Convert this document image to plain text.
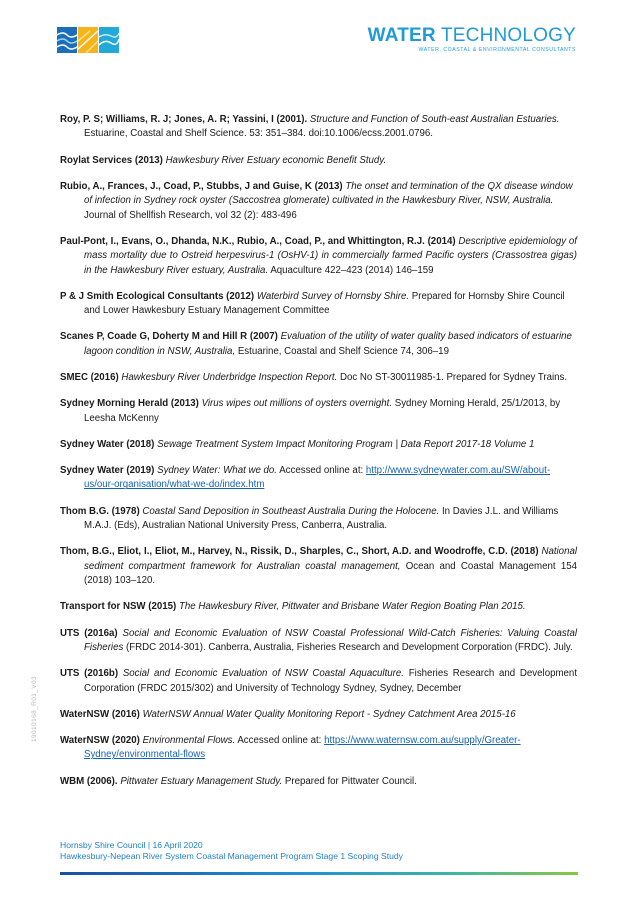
WATER TECHNOLOGY
WATER, COASTAL & ENVIRONMENTAL CONSULTANTS

Roy, P. S; Williams, R. J; Jones, A. R; Yassini, I (2001). Structure and Function of South-east Australian Estuaries. Estuarine, Coastal and Shelf Science. 53: 351–384. doi:10.1006/ecss.2001.0796.

Roylat Services (2013) Hawkesbury River Estuary economic Benefit Study.

Rubio, A., Frances, J., Coad, P., Stubbs, J and Guise, K (2013) The onset and termination of the QX disease window of infection in Sydney rock oyster (Saccostrea glomerate) cultivated in the Hawkesbury River, NSW, Australia. Journal of Shellfish Research, vol 32 (2): 483-496

Paul-Pont, I., Evans, O., Dhanda, N.K., Rubio, A., Coad, P., and Whittington, R.J. (2014) Descriptive epidemiology of mass mortality due to Ostreid herpesvirus-1 (OsHV-1) in commercially farmed Pacific oysters (Crassostrea gigas) in the Hawkesbury River estuary, Australia. Aquaculture 422–423 (2014) 146–159

P & J Smith Ecological Consultants (2012) Waterbird Survey of Hornsby Shire. Prepared for Hornsby Shire Council and Lower Hawkesbury Estuary Management Committee

Scanes P, Coade G, Doherty M and Hill R (2007) Evaluation of the utility of water quality based indicators of estuarine lagoon condition in NSW, Australia, Estuarine, Coastal and Shelf Science 74, 306–19

SMEC (2016) Hawkesbury River Underbridge Inspection Report. Doc No ST-30011985-1. Prepared for Sydney Trains.

Sydney Morning Herald (2013) Virus wipes out millions of oysters overnight. Sydney Morning Herald, 25/1/2013, by Leesha McKenny

Sydney Water (2018) Sewage Treatment System Impact Monitoring Program | Data Report 2017-18 Volume 1

Sydney Water (2019) Sydney Water: What we do. Accessed online at: http://www.sydneywater.com.au/SW/about-us/our-organisation/what-we-do/index.htm

Thom B.G. (1978) Coastal Sand Deposition in Southeast Australia During the Holocene. In Davies J.L. and Williams M.A.J. (Eds), Australian National University Press, Canberra, Australia.

Thom, B.G., Eliot, I., Eliot, M., Harvey, N., Rissik, D., Sharples, C., Short, A.D. and Woodroffe, C.D. (2018) National sediment compartment framework for Australian coastal management, Ocean and Coastal Management 154 (2018) 103–120.

Transport for NSW (2015) The Hawkesbury River, Pittwater and Brisbane Water Region Boating Plan 2015.

UTS (2016a) Social and Economic Evaluation of NSW Coastal Professional Wild-Catch Fisheries: Valuing Coastal Fisheries (FRDC 2014-301). Canberra, Australia, Fisheries Research and Development Corporation (FRDC). July.

UTS (2016b) Social and Economic Evaluation of NSW Coastal Aquaculture. Fisheries Research and Development Corporation (FRDC 2015/302) and University of Technology Sydney, Sydney, December

WaterNSW (2016) WaterNSW Annual Water Quality Monitoring Report - Sydney Catchment Area 2015-16

WaterNSW (2020) Environmental Flows. Accessed online at: https://www.waternsw.com.au/supply/Greater-Sydney/environmental-flows

WBM (2006). Pittwater Estuary Management Study. Prepared for Pittwater Council.

19010168_R01_V03
Hornsby Shire Council | 16 April 2020
Hawkesbury-Nepean River System Coastal Management Program Stage 1 Scoping Study
